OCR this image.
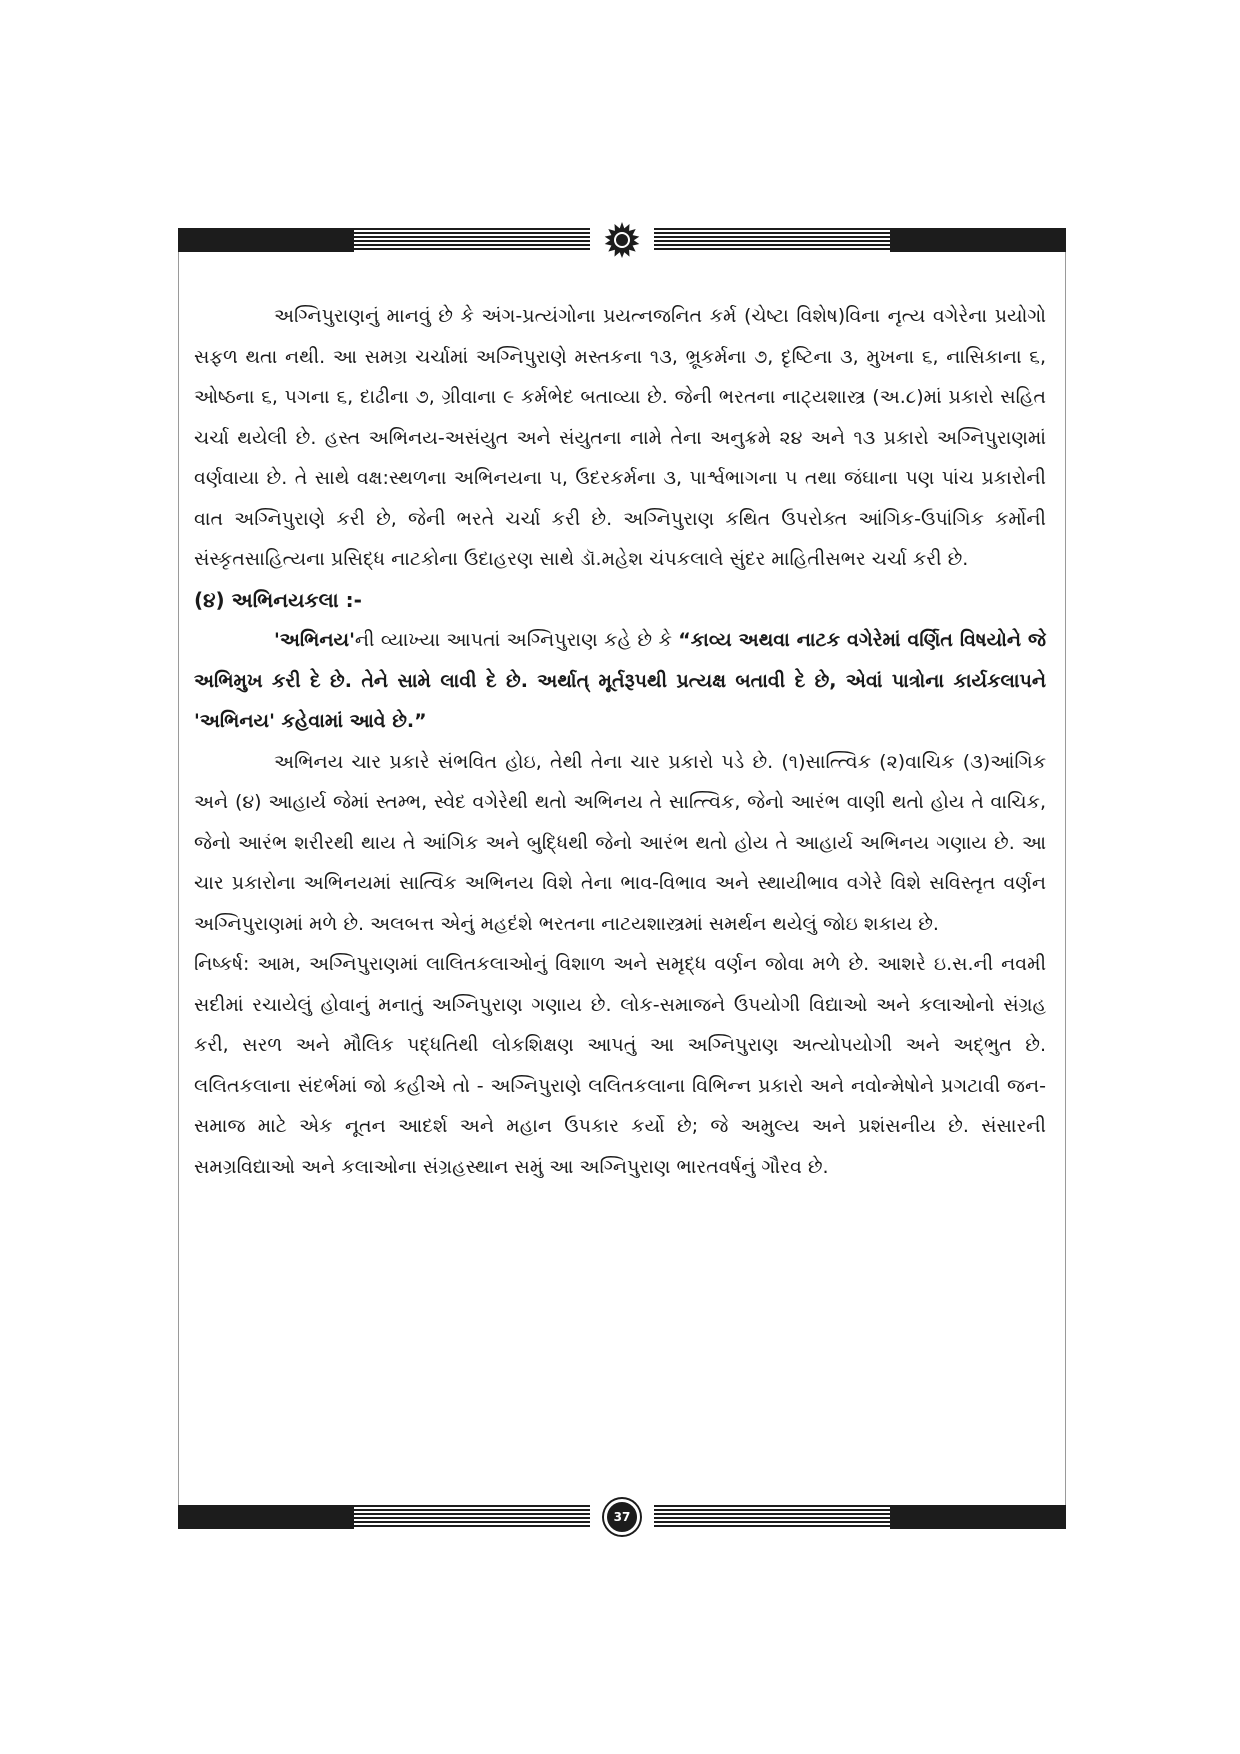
અગ્નિપુરાણનું માનવું છે કે અંગ-પ્રત્યંગોના પ્રયત્નજનિત કર્મ (ચેષ્ટા વિશેષ)વિના નૃત્ય વગેરેના પ્રયોગો સફળ થતા નથી. આ સમગ્ર ચર્ચામાં અગ્નિપુરાણે મસ્તકના ૧૩, ભ્રૂકર્મના ૭, દૃષ્ટિના ૩, મુખના ૬, નાસિકાના ૬, ઓષ્ઠના ૬, પગના ૬, દાઢીના ૭, ગ્રીવાના ૯ કર્મભેદ બતાવ્યા છે. જેની ભરતના નાટ્યશાસ્ત્ર (અ.૮)માં પ્રકારો સહિત ચર્ચા થયેલી છે. હસ્ત અભિનય-અસંયુત અને સંયુતના નામે તેના અનુક્રમે ૨૪ અને ૧૩ પ્રકારો અગ્નિપુરાણમાં વર્ણવાયા છે. તે સાથે વક્ષ:સ્થળના અભિનયના ૫, ઉદરકર્મના ૩, પાર્શ્વભાગના ૫ તથા જંઘાના પણ પાંચ પ્રકારોની વાત અગ્નિપુરાણે કરી છે, જેની ભરતે ચર્ચા કરી છે. અગ્નિપુરાણ કથિત ઉપરોક્ત આંગિક-ઉપાંગિક કર્મોની સંસ્કૃતસાહિત્યના પ્રસિદ્ધ નાટકોના ઉદાહરણ સાથે ડૉ.મહેશ ચંપકલાલે સુંદર માહિતીસભર ચર્ચા કરી છે.

(૪) અભિનયકલા :-

'અભિનય'ની વ્યાખ્યા આપતાં અગ્નિપુરાણ કહે છે કે “કાવ્ય અથવા નાટક વગેરેમાં વર્ણિત વિષયોને જે અભિમુખ કરી દે છે. તેને સામે લાવી દે છે. અર્થાત્ મૂર્તરૂપથી પ્રત્યક્ષ બતાવી દે છે, એવાં પાત્રોના કાર્યકલાપને 'અભિનય' કહેવામાં આવે છે.”

અભિનય ચાર પ્રકારે સંભવિત હોઇ, તેથી તેના ચાર પ્રકારો પડે છે. (૧)સાત્ત્વિક (૨)વાચિક (૩)આંગિક અને (૪) આહાર્ય જેમાં સ્તમ્ભ, સ્વેદ વગેરેથી થતો અભિનય તે સાત્ત્વિક, જેનો આરંભ વાણી થતો હોય તે વાચિક, જેનો આરંભ શરીરથી થાય તે આંગિક અને બુદ્ધિથી જેનો આરંભ થતો હોય તે આહાર્ય અભિનય ગણાય છે. આ ચાર પ્રકારોના અભિનયમાં સાત્વિક અભિનય વિશે તેના ભાવ-વિભાવ અને સ્થાયીભાવ વગેરે વિશે સવિસ્તૃત વર્ણન અગ્નિપુરાણમાં મળે છે. અલબત્ત એનું મહદંશે ભરતના નાટયશાસ્ત્રમાં સમર્થન થયેલું જોઇ શકાય છે.

નિષ્કર્ષ: આમ, અગ્નિપુરાણમાં લાલિતકલાઓનું વિશાળ અને સમૃદ્ધ વર્ણન જોવા મળે છે. આશરે ઇ.સ.ની નવમી સદીમાં રચાયેલું હોવાનું મનાતું અગ્નિપુરાણ ગણાય છે. લોક-સમાજને ઉપયોગી વિદ્યાઓ અને કલાઓનો સંગ્રહ કરી, સરળ અને મૌલિક પદ્ધતિથી લોકશિક્ષણ આપતું આ અગ્નિપુરાણ અત્યોપયોગી અને અદ્‌ભુત છે. લલિતકલાના સંદર્ભમાં જો કહીએ તો - અગ્નિપુરાણે લલિતકલાના વિભિન્ન પ્રકારો અને નવોન્મેષોને પ્રગટાવી જન-સમાજ માટે એક નૂતન આદર્શ અને મહાન ઉપકાર કર્યો છે; જે અમુલ્ય અને પ્રશંસનીય છે. સંસારની સમગ્રવિદ્યાઓ અને કલાઓના સંગ્રહસ્થાન સમું આ અગ્નિપુરાણ ભારતવર્ષનું ગૌરવ છે.

37
